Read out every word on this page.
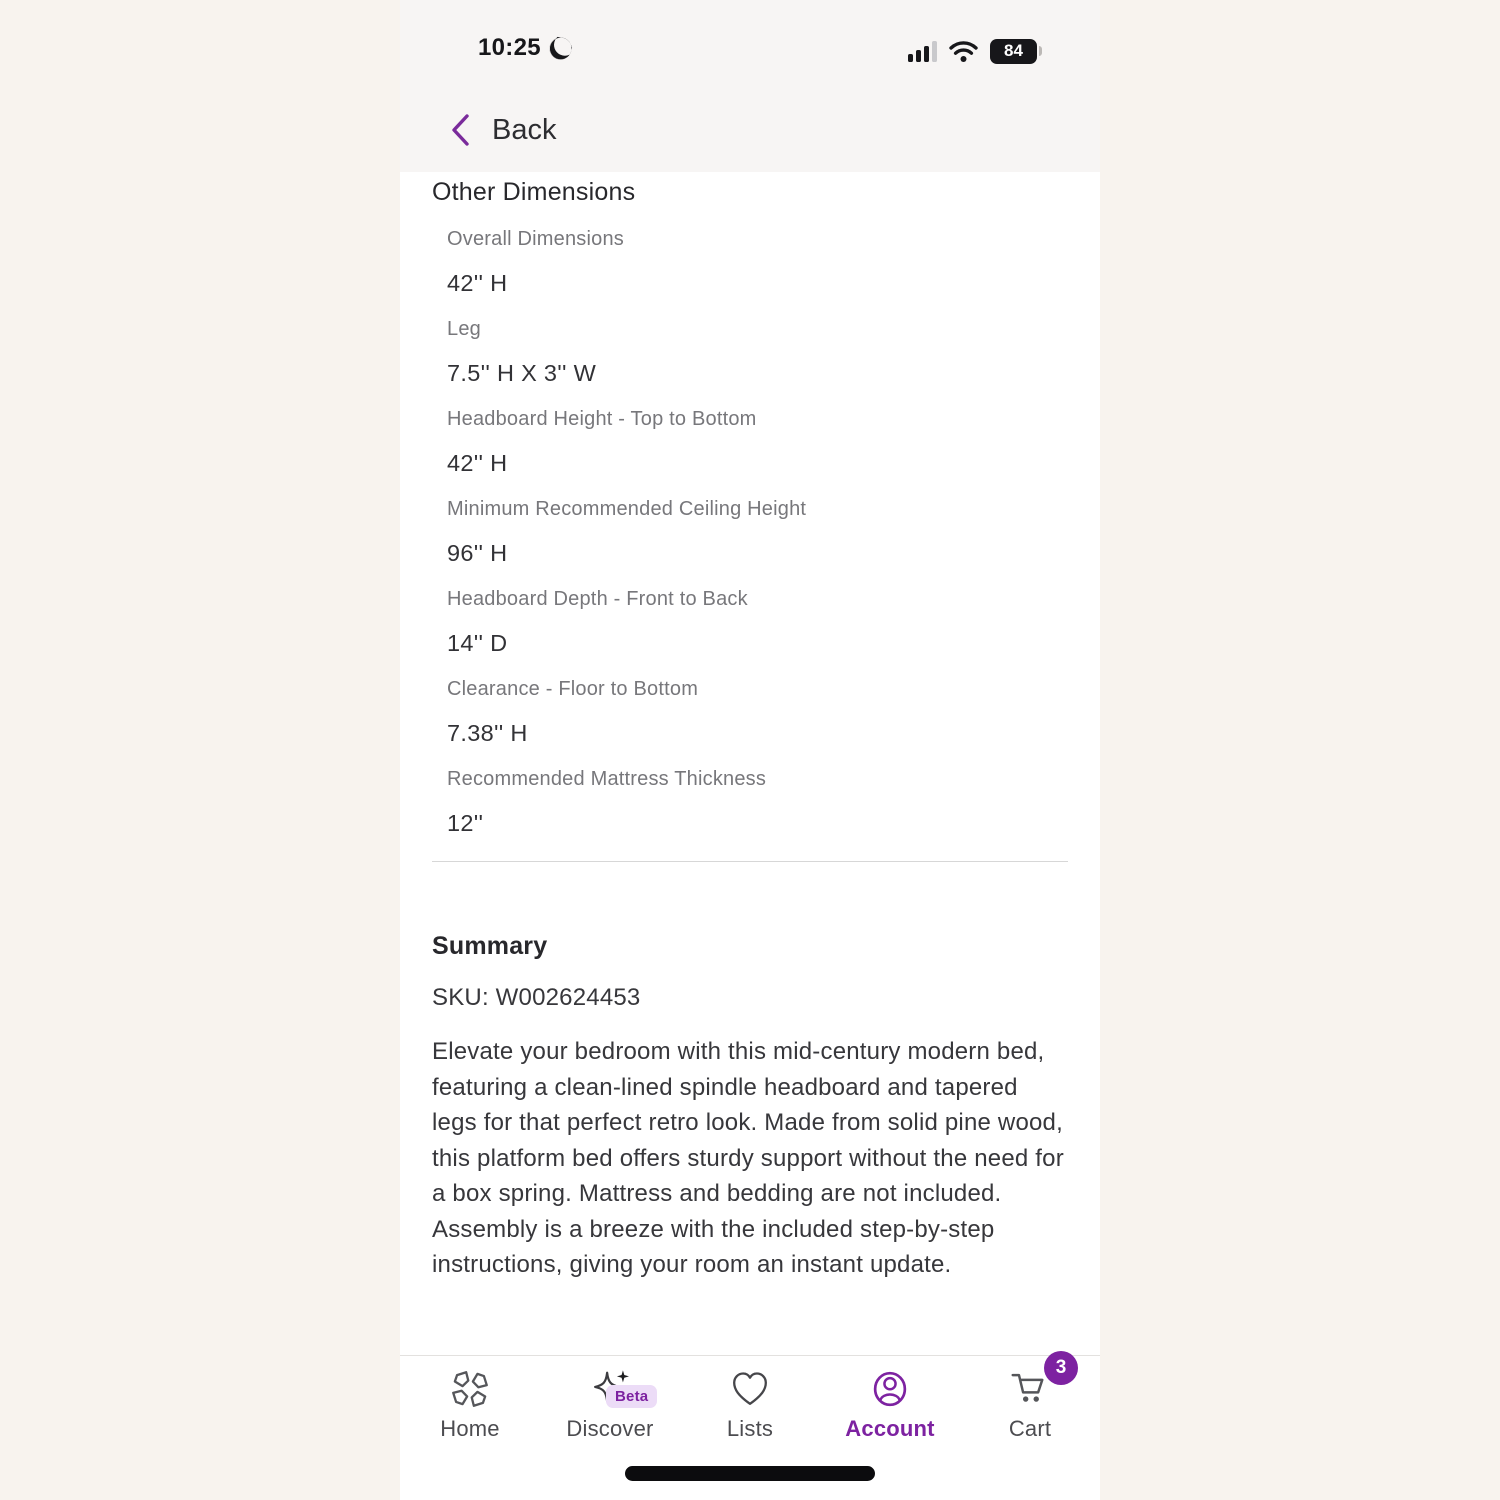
10:25	84
Back
Other Dimensions
Overall Dimensions
42'' H
Leg
7.5'' H X 3'' W
Headboard Height - Top to Bottom
42'' H
Minimum Recommended Ceiling Height
96'' H
Headboard Depth - Front to Back
14'' D
Clearance - Floor to Bottom
7.38'' H
Recommended Mattress Thickness
12''
Summary
SKU: W002624453
Elevate your bedroom with this mid-century modern bed, featuring a clean-lined spindle headboard and tapered legs for that perfect retro look. Made from solid pine wood, this platform bed offers sturdy support without the need for a box spring. Mattress and bedding are not included. Assembly is a breeze with the included step-by-step instructions, giving your room an instant update.
Home
Beta
Discover	Lists	Account
3
Cart
